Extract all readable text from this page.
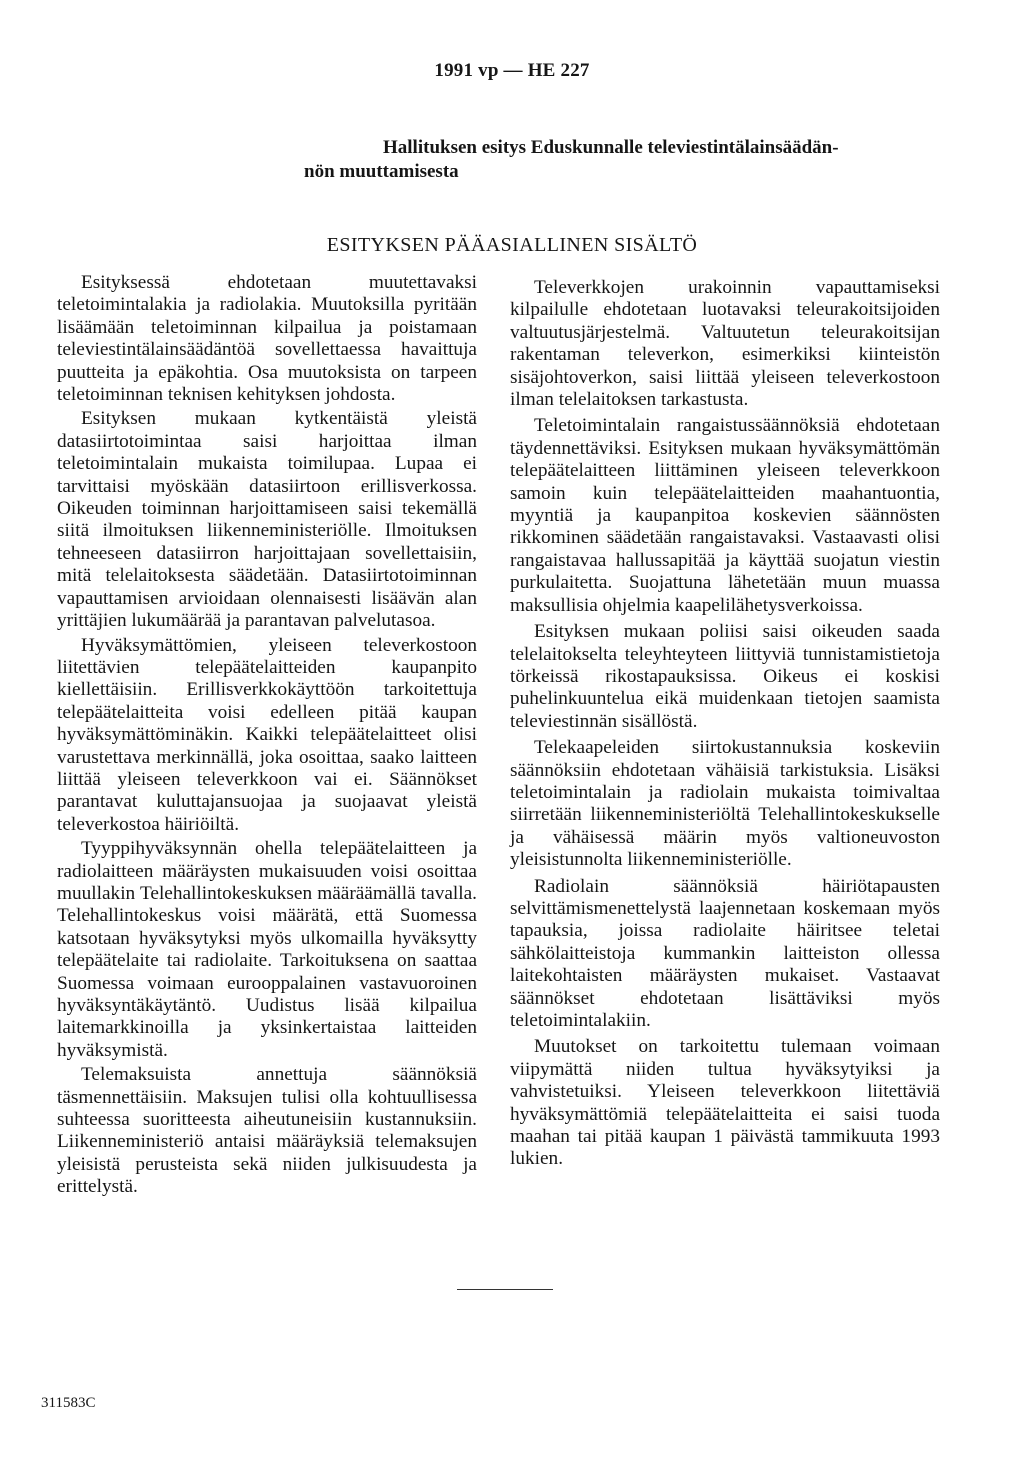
1991 vp — HE 227
Hallituksen esitys Eduskunnalle televiestintälainsäädän-
nön muuttamisesta
ESITYKSEN PÄÄASIALLINEN SISÄLTÖ

Esityksessä ehdotetaan muutettavaksi teletoimintalakia ja radiolakia. Muutoksilla pyritään lisäämään teletoiminnan kilpailua ja poistamaan televiestintälainsäädäntöä sovellettaessa havaittuja puutteita ja epäkohtia. Osa muutoksista on tarpeen teletoiminnan teknisen kehityksen johdosta.

Esityksen mukaan kytkentäistä yleistä datasiirtotoimintaa saisi harjoittaa ilman teletoimintalain mukaista toimilupaa. Lupaa ei tarvittaisi myöskään datasiirtoon erillisverkossa. Oikeuden toiminnan harjoittamiseen saisi tekemällä siitä ilmoituksen liikenneministeriölle. Ilmoituksen tehneeseen datasiirron harjoittajaan sovellettaisiin, mitä telelaitoksesta säädetään. Datasiirtotoiminnan vapauttamisen arvioidaan olennaisesti lisäävän alan yrittäjien lukumäärää ja parantavan palvelutasoa.

Hyväksymättömien, yleiseen televerkostoon liitettävien telepäätelaitteiden kaupanpito kiellettäisiin. Erillisverkkokäyttöön tarkoitettuja telepäätelaitteita voisi edelleen pitää kaupan hyväksymättöminäkin. Kaikki telepäätelaitteet olisi varustettava merkinnällä, joka osoittaa, saako laitteen liittää yleiseen televerkkoon vai ei. Säännökset parantavat kuluttajansuojaa ja suojaavat yleistä televerkostoa häiriöiltä.

Tyyppihyväksynnän ohella telepäätelaitteen ja radiolaitteen määräysten mukaisuuden voisi osoittaa muullakin Telehallintokeskuksen määräämällä tavalla. Telehallintokeskus voisi määrätä, että Suomessa katsotaan hyväksytyksi myös ulkomailla hyväksytty telepäätelaite tai radiolaite. Tarkoituksena on saattaa Suomessa voimaan eurooppalainen vastavuoroinen hyväksyntäkäytäntö. Uudistus lisää kilpailua laitemarkkinoilla ja yksinkertaistaa laitteiden hyväksymistä.

Telemaksuista annettuja säännöksiä täsmennettäisiin. Maksujen tulisi olla kohtuullisessa suhteessa suoritteesta aiheutuneisiin kustannuksiin. Liikenneministeriö antaisi määräyksiä telemaksujen yleisistä perusteista sekä niiden julkisuudesta ja erittelystä.

Televerkkojen urakoinnin vapauttamiseksi kilpailulle ehdotetaan luotavaksi teleurakoitsijoiden valtuutusjärjestelmä. Valtuutetun teleurakoitsijan rakentaman televerkon, esimerkiksi kiinteistön sisäjohtoverkon, saisi liittää yleiseen televerkostoon ilman telelaitoksen tarkastusta.

Teletoimintalain rangaistussäännöksiä ehdotetaan täydennettäviksi. Esityksen mukaan hyväksymättömän telepäätelaitteen liittäminen yleiseen televerkkoon samoin kuin telepäätelaitteiden maahantuontia, myyntiä ja kaupanpitoa koskevien säännösten rikkominen säädetään rangaistavaksi. Vastaavasti olisi rangaistavaa hallussapitää ja käyttää suojatun viestin purkulaitetta. Suojattuna lähetetään muun muassa maksullisia ohjelmia kaapelilähetysverkoissa.

Esityksen mukaan poliisi saisi oikeuden saada telelaitokselta teleyhteyteen liittyviä tunnistamistietoja törkeissä rikostapauksissa. Oikeus ei koskisi puhelinkuuntelua eikä muidenkaan tietojen saamista televiestinnän sisällöstä.

Telekaapeleiden siirtokustannuksia koskeviin säännöksiin ehdotetaan vähäisiä tarkistuksia. Lisäksi teletoimintalain ja radiolain mukaista toimivaltaa siirretään liikenneministeriöltä Telehallintokeskukselle ja vähäisessä määrin myös valtioneuvoston yleisistunnolta liikenneministeriölle.

Radiolain säännöksiä häiriötapausten selvittämismenettelystä laajennetaan koskemaan myös tapauksia, joissa radiolaite häiritsee teletai sähkölaitteistoja kummankin laitteiston ollessa laitekohtaisten määräysten mukaiset. Vastaavat säännökset ehdotetaan lisättäviksi myös teletoimintalakiin.

Muutokset on tarkoitettu tulemaan voimaan viipymättä niiden tultua hyväksytyiksi ja vahvistetuiksi. Yleiseen televerkkoon liitettäviä hyväksymättömiä telepäätelaitteita ei saisi tuoda maahan tai pitää kaupan 1 päivästä tammikuuta 1993 lukien.

311583C
